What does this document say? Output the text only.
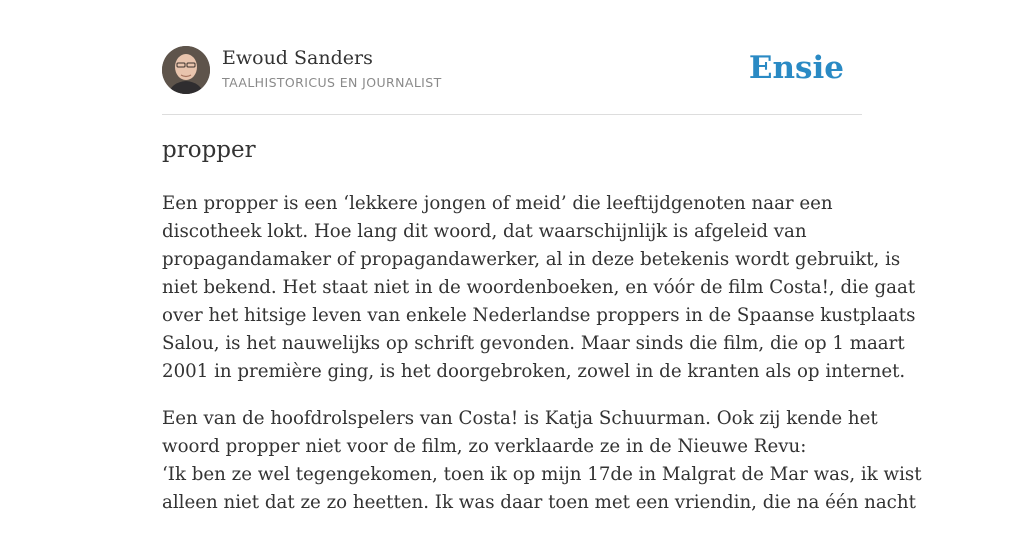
Ewoud Sanders
TAALHISTORICUS EN JOURNALIST	Ensie
propper

Een propper is een ‘lekkere jongen of meid’ die leeftijdgenoten naar een
discotheek lokt. Hoe lang dit woord, dat waarschijnlijk is afgeleid van
propagandamaker of propagandawerker, al in deze betekenis wordt gebruikt, is
niet bekend. Het staat niet in de woordenboeken, en vóór de film Costa!, die gaat
over het hitsige leven van enkele Nederlandse proppers in de Spaanse kustplaats
Salou, is het nauwelijks op schrift gevonden. Maar sinds die film, die op 1 maart
2001 in première ging, is het doorgebroken, zowel in de kranten als op internet.

Een van de hoofdrolspelers van Costa! is Katja Schuurman. Ook zij kende het
woord propper niet voor de film, zo verklaarde ze in de Nieuwe Revu:
‘Ik ben ze wel tegengekomen, toen ik op mijn 17de in Malgrat de Mar was, ik wist
alleen niet dat ze zo heetten. Ik was daar toen met een vriendin, die na één nacht
